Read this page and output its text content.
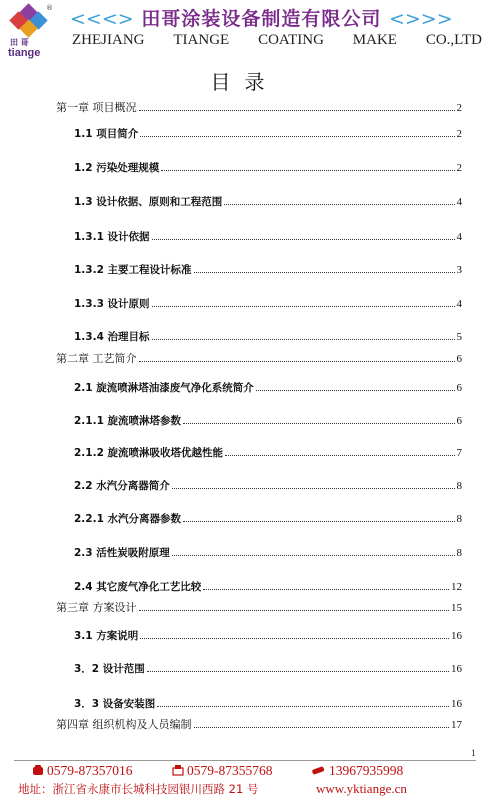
田 哥
tiange
® <<<> 田哥涂装设备制造有限公司 <>>>
ZHEJIANG TIANGE COATING MAKE CO.,LTD
目录
第一章 项目概况	2
1.1 项目简介	2
1.2 污染处理规模	2
1.3 设计依据、原则和工程范围	4
1.3.1 设计依据	4
1.3.2 主要工程设计标准	3
1.3.3 设计原则	4
1.3.4 治理目标	5
第二章 工艺简介	6
2.1 旋流喷淋塔油漆废气净化系统简介	6
2.1.1 旋流喷淋塔参数	6
2.1.2 旋流喷淋吸收塔优越性能	7
2.2 水汽分离器简介	8
2.2.1 水汽分离器参数	8
2.3 活性炭吸附原理	8
2.4 其它废气净化工艺比较	12
第三章 方案设计	15
3.1 方案说明	16
3．2 设计范围	16
3．3 设备安装图	16
第四章 组织机构及人员编制	17
1
0579-87357016	0579-87355768	13967935998
地址：浙江省永康市长城科技园银川西路 21 号	www.yktiange.cn
